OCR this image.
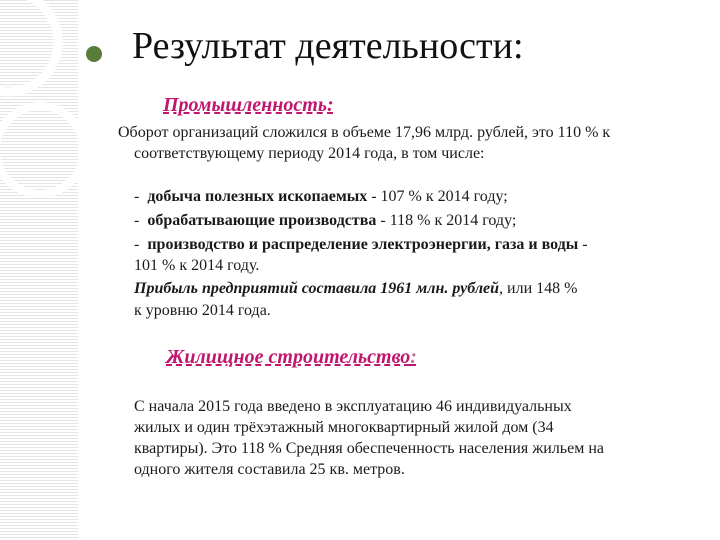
Результат деятельности:
Промышленность:
Оборот организаций сложился в объеме 17,96 млрд. рублей, это 110 % к
соответствующему периоду 2014 года, в том числе:
- добыча полезных ископаемых - 107 % к 2014 году;
- обрабатывающие производства - 118 % к 2014 году;
- производство и распределение электроэнергии, газа и воды -
101 % к 2014 году.
Прибыль предприятий составила 1961 млн. рублей, или 148 %
к уровню 2014 года.
Жилищное строительство:
С начала 2015 года введено в эксплуатацию 46 индивидуальных
жилых и один трёхэтажный многоквартирный жилой дом (34
квартиры). Это 118 % Средняя обеспеченность населения жильем на
одного жителя составила 25 кв. метров.
